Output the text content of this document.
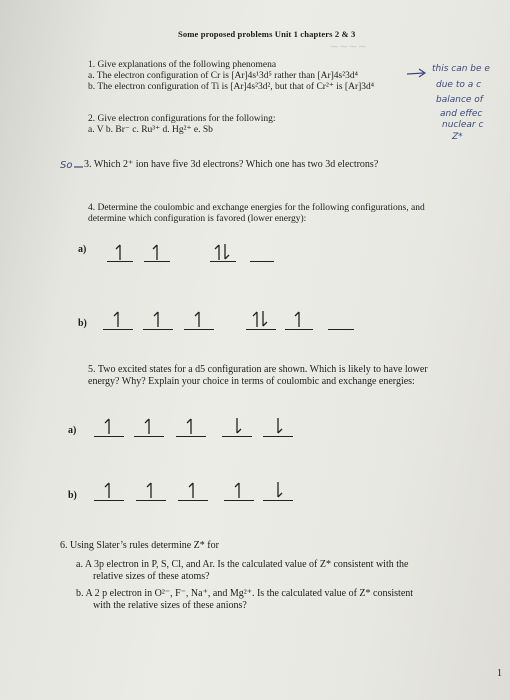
∼∼∼∼
Some proposed problems Unit 1 chapters 2 & 3
1. Give explanations of the following phenomena
a. The electron configuration of Cr is [Ar]4s¹3d⁵ rather than [Ar]4s²3d⁴
b. The electron configuration of Ti is [Ar]4s²3d², but that of Cr²⁺ is [Ar]3d⁴
this can be e
due to a c
balance of
and effec
nuclear c
Z*
2. Give electron configurations for the following:
a. V b. Br⁻ c. Ru³⁺ d. Hg²⁺ e. Sb
So 3. Which 2⁺ ion have five 3d electrons? Which one has two 3d electrons?
4. Determine the coulombic and exchange energies for the following configurations, and
determine which configuration is favored (lower energy):
a)
b)
5. Two excited states for a d5 configuration are shown. Which is likely to have lower
energy? Why? Explain your choice in terms of coulombic and exchange energies:
a)
b)
6. Using Slater’s rules determine Z* for
a. A 3p electron in P, S, Cl, and Ar. Is the calculated value of Z* consistent with the
relative sizes of these atoms?
b. A 2 p electron in O²⁻, F⁻, Na⁺, and Mg²⁺. Is the calculated value of Z* consistent
with the relative sizes of these anions?
1
